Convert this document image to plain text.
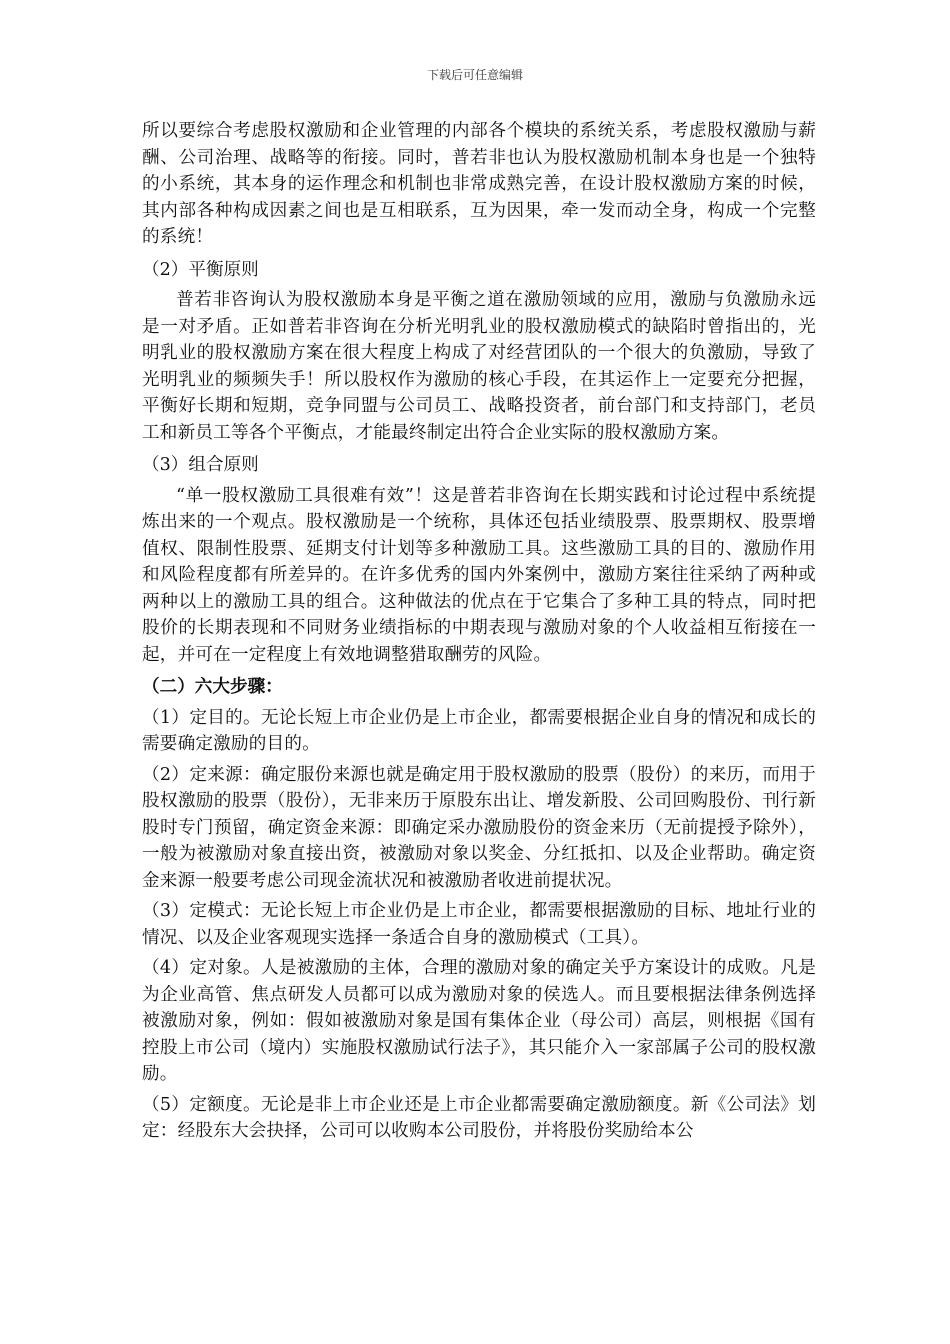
下载后可任意编辑

所以要综合考虑股权激励和企业管理的内部各个模块的系统关系，考虑股权激励与薪酬、公司治理、战略等的衔接。同时，普若非也认为股权激励机制本身也是一个独特的小系统，其本身的运作理念和机制也非常成熟完善，在设计股权激励方案的时候，其内部各种构成因素之间也是互相联系，互为因果，牵一发而动全身，构成一个完整的系统！

（2）平衡原则

普若非咨询认为股权激励本身是平衡之道在激励领域的应用，激励与负激励永远是一对矛盾。正如普若非咨询在分析光明乳业的股权激励模式的缺陷时曾指出的，光明乳业的股权激励方案在很大程度上构成了对经营团队的一个很大的负激励，导致了光明乳业的频频失手！所以股权作为激励的核心手段，在其运作上一定要充分把握，平衡好长期和短期，竞争同盟与公司员工、战略投资者，前台部门和支持部门，老员工和新员工等各个平衡点，才能最终制定出符合企业实际的股权激励方案。

（3）组合原则

“单一股权激励工具很难有效”！这是普若非咨询在长期实践和讨论过程中系统提炼出来的一个观点。股权激励是一个统称，具体还包括业绩股票、股票期权、股票增值权、限制性股票、延期支付计划等多种激励工具。这些激励工具的目的、激励作用和风险程度都有所差异的。在许多优秀的国内外案例中，激励方案往往采纳了两种或两种以上的激励工具的组合。这种做法的优点在于它集合了多种工具的特点，同时把股价的长期表现和不同财务业绩指标的中期表现与激励对象的个人收益相互衔接在一起，并可在一定程度上有效地调整猎取酬劳的风险。

（二）六大步骤：

（1）定目的。无论长短上市企业仍是上市企业，都需要根据企业自身的情况和成长的需要确定激励的目的。

（2）定来源：确定服份来源也就是确定用于股权激励的股票（股份）的来历，而用于股权激励的股票（股份），无非来历于原股东出让、增发新股、公司回购股份、刊行新股时专门预留，确定资金来源：即确定采办激励股份的资金来历（无前提授予除外），一般为被激励对象直接出资，被激励对象以奖金、分红抵扣、以及企业帮助。确定资金来源一般要考虑公司现金流状况和被激励者收进前提状况。

（3）定模式：无论长短上市企业仍是上市企业，都需要根据激励的目标、地址行业的情况、以及企业客观现实选择一条适合自身的激励模式（工具）。

（4）定对象。人是被激励的主体，合理的激励对象的确定关乎方案设计的成败。凡是为企业高管、焦点研发人员都可以成为激励对象的侯选人。而且要根据法律条例选择被激励对象，例如：假如被激励对象是国有集体企业（母公司）高层，则根据《国有控股上市公司（境内）实施股权激励试行法子》，其只能介入一家部属子公司的股权激励。

（5）定额度。无论是非上市企业还是上市企业都需要确定激励额度。新《公司法》划定：经股东大会抉择，公司可以收购本公司股份，并将股份奖励给本公
